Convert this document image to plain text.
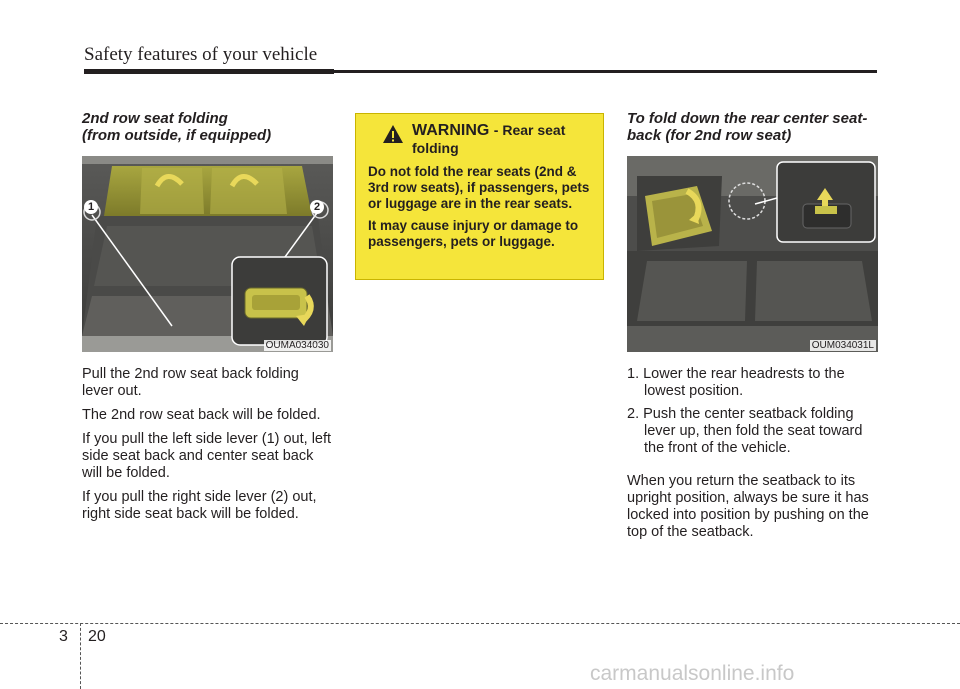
Safety features of your vehicle
2nd row seat folding
(from outside, if equipped)
1	2
OUMA034030

Pull the 2nd row seat back folding lever out.

The 2nd row seat back will be folded.

If you pull the left side lever (1) out, left side seat back and center seat back will be folded.

If you pull the right side lever (2) out, right side seat back will be folded.

WARNING - Rear seat folding

Do not fold the rear seats (2nd & 3rd row seats), if passengers, pets or luggage are in the rear seats.

It may cause injury or damage to passengers, pets or luggage.

To fold down the rear center seat-
back (for 2nd row seat)
OUM034031L
1. Lower the rear headrests to the lowest position.
2. Push the center seatback folding lever up, then fold the seat toward the front of the vehicle.

When you return the seatback to its upright position, always be sure it has locked into position by pushing on the top of the seatback.

3 20
carmanualsonline.info
